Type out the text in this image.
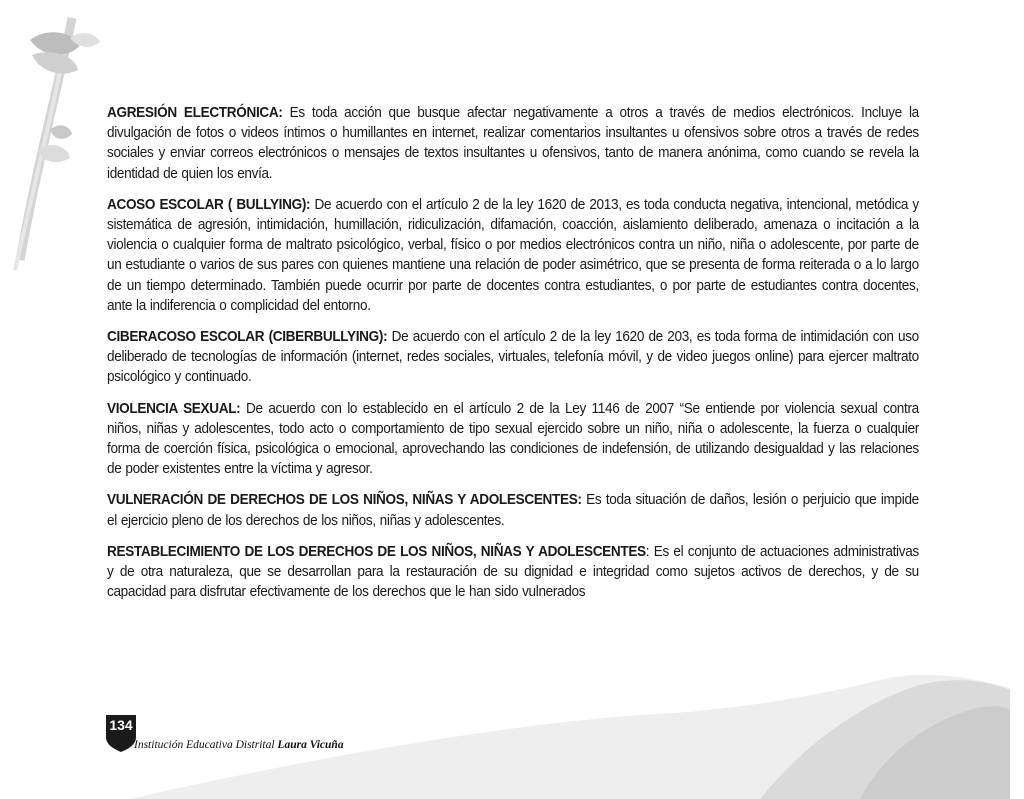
AGRESIÓN ELECTRÓNICA: Es toda acción que busque afectar negativamente a otros a través de medios electrónicos. Incluye la divulgación de fotos o videos íntimos o humillantes en internet, realizar comentarios insultantes u ofensivos sobre otros a través de redes sociales y enviar correos electrónicos o mensajes de textos insultantes u ofensivos, tanto de manera anónima, como cuando se revela la identidad de quien los envía.

ACOSO ESCOLAR ( BULLYING): De acuerdo con el artículo 2 de la ley 1620 de 2013, es toda conducta negativa, intencional, metódica y sistemática de agresión, intimidación, humillación, ridiculización, difamación, coacción, aislamiento deliberado, amenaza o incitación a la violencia o cualquier forma de maltrato psicológico, verbal, físico o por medios electrónicos contra un niño, niña o adolescente, por parte de un estudiante o varios de sus pares con quienes mantiene una relación de poder asimétrico, que se presenta de forma reiterada o a lo largo de un tiempo determinado. También puede ocurrir por parte de docentes contra estudiantes, o por parte de estudiantes contra docentes, ante la indiferencia o complicidad del entorno.

CIBERACOSO ESCOLAR (CIBERBULLYING): De acuerdo con el artículo 2 de la ley 1620 de 203, es toda forma de intimidación con uso deliberado de tecnologías de información (internet, redes sociales, virtuales, telefonía móvil, y de video juegos online) para ejercer maltrato psicológico y continuado.

VIOLENCIA SEXUAL: De acuerdo con lo establecido en el artículo 2 de la Ley 1146 de 2007 “Se entiende por violencia sexual contra niños, niñas y adolescentes, todo acto o comportamiento de tipo sexual ejercido sobre un niño, niña o adolescente, la fuerza o cualquier forma de coerción física, psicológica o emocional, aprovechando las condiciones de indefensión, de utilizando desigualdad y las relaciones de poder existentes entre la víctima y agresor.

VULNERACIÓN DE DERECHOS DE LOS NIÑOS, NIÑAS Y ADOLESCENTES: Es toda situación de daños, lesión o perjuicio que impide el ejercicio pleno de los derechos de los niños, niñas y adolescentes.

RESTABLECIMIENTO DE LOS DERECHOS DE LOS NIÑOS, NIÑAS Y ADOLESCENTES: Es el conjunto de actuaciones administrativas y de otra naturaleza, que se desarrollan para la restauración de su dignidad e integridad como sujetos activos de derechos, y de su capacidad para disfrutar efectivamente de los derechos que le han sido vulnerados

134
Institución Educativa Distrital Laura Vicuña
